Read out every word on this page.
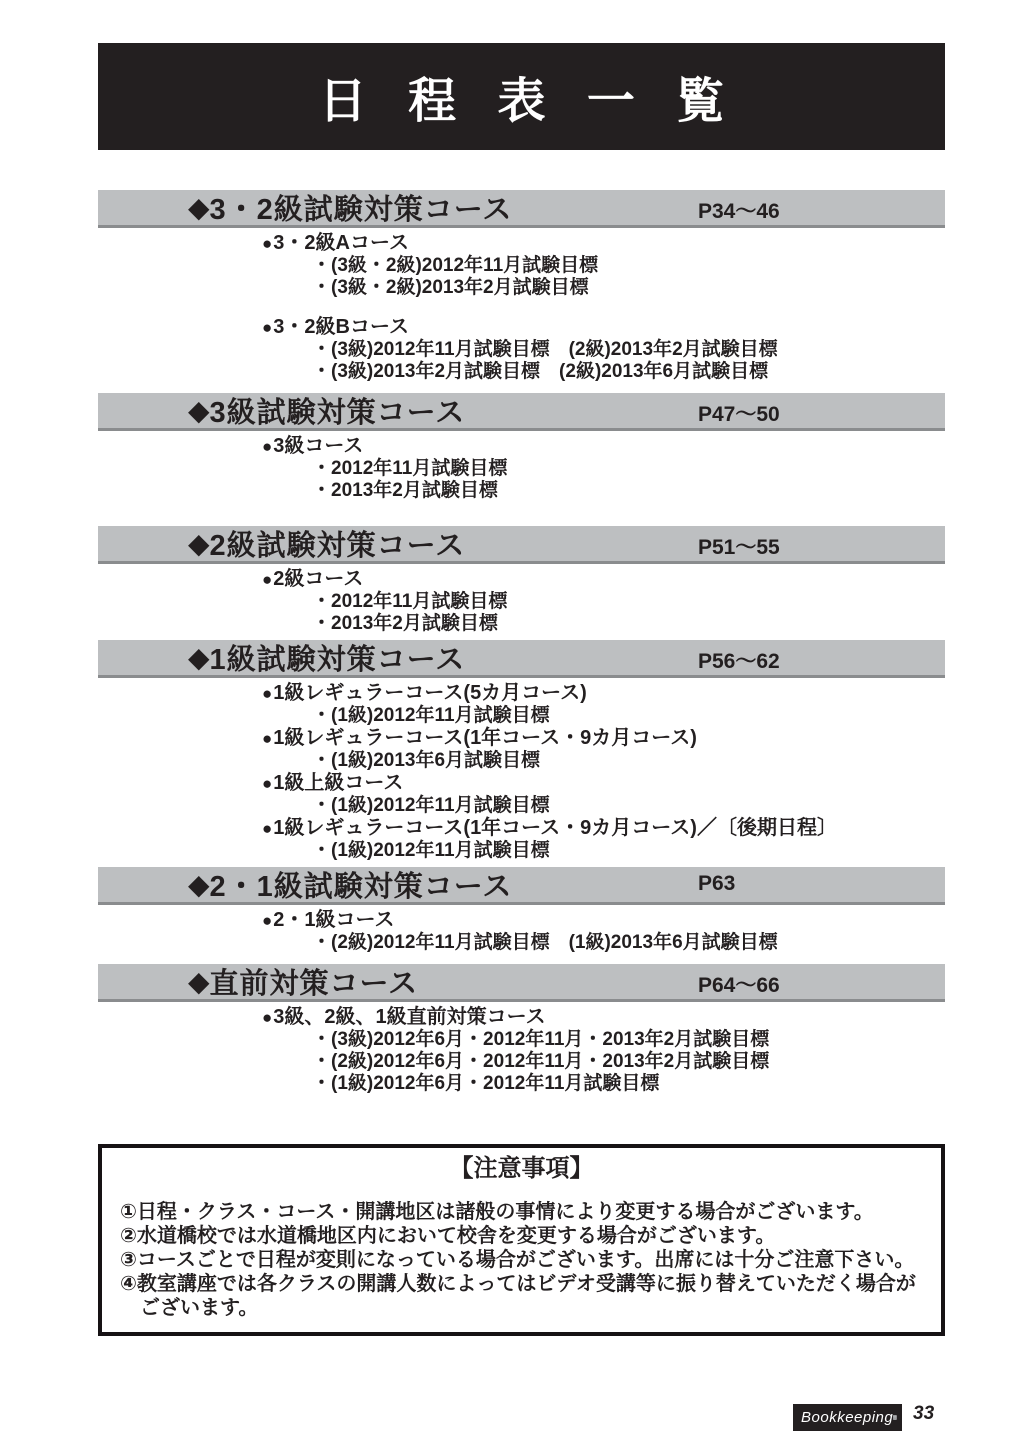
日 程 表 一 覧
◆ 3・2級試験対策コース	P34〜46
●3・2級Aコース
・(3級・2級)2012年11月試験目標
・(3級・2級)2013年2月試験目標
●3・2級Bコース
・(3級)2012年11月試験目標　(2級)2013年2月試験目標
・(3級)2013年2月試験目標　(2級)2013年6月試験目標
◆ 3級試験対策コース	P47〜50
●3級コース
・2012年11月試験目標
・2013年2月試験目標
◆ 2級試験対策コース	P51〜55
●2級コース
・2012年11月試験目標
・2013年2月試験目標
◆ 1級試験対策コース	P56〜62
●1級レギュラーコース(5カ月コース)
・(1級)2012年11月試験目標
●1級レギュラーコース(1年コース・9カ月コース)
・(1級)2013年6月試験目標
●1級上級コース
・(1級)2012年11月試験目標
●1級レギュラーコース(1年コース・9カ月コース)／〔後期日程〕
・(1級)2012年11月試験目標
◆ 2・1級試験対策コース	P63
●2・1級コース
・(2級)2012年11月試験目標　(1級)2013年6月試験目標
◆ 直前対策コース	P64〜66
●3級、2級、1級直前対策コース
・(3級)2012年6月・2012年11月・2013年2月試験目標
・(2級)2012年6月・2012年11月・2013年2月試験目標
・(1級)2012年6月・2012年11月試験目標
【注意事項】
①日程・クラス・コース・開講地区は諸般の事情により変更する場合がございます。
②水道橋校では水道橋地区内において校舎を変更する場合がございます。
③コースごとで日程が変則になっている場合がございます。出席には十分ご注意下さい。
④教室講座では各クラスの開講人数によってはビデオ受講等に振り替えていただく場合が
　ございます。
Bookkeeping 33
